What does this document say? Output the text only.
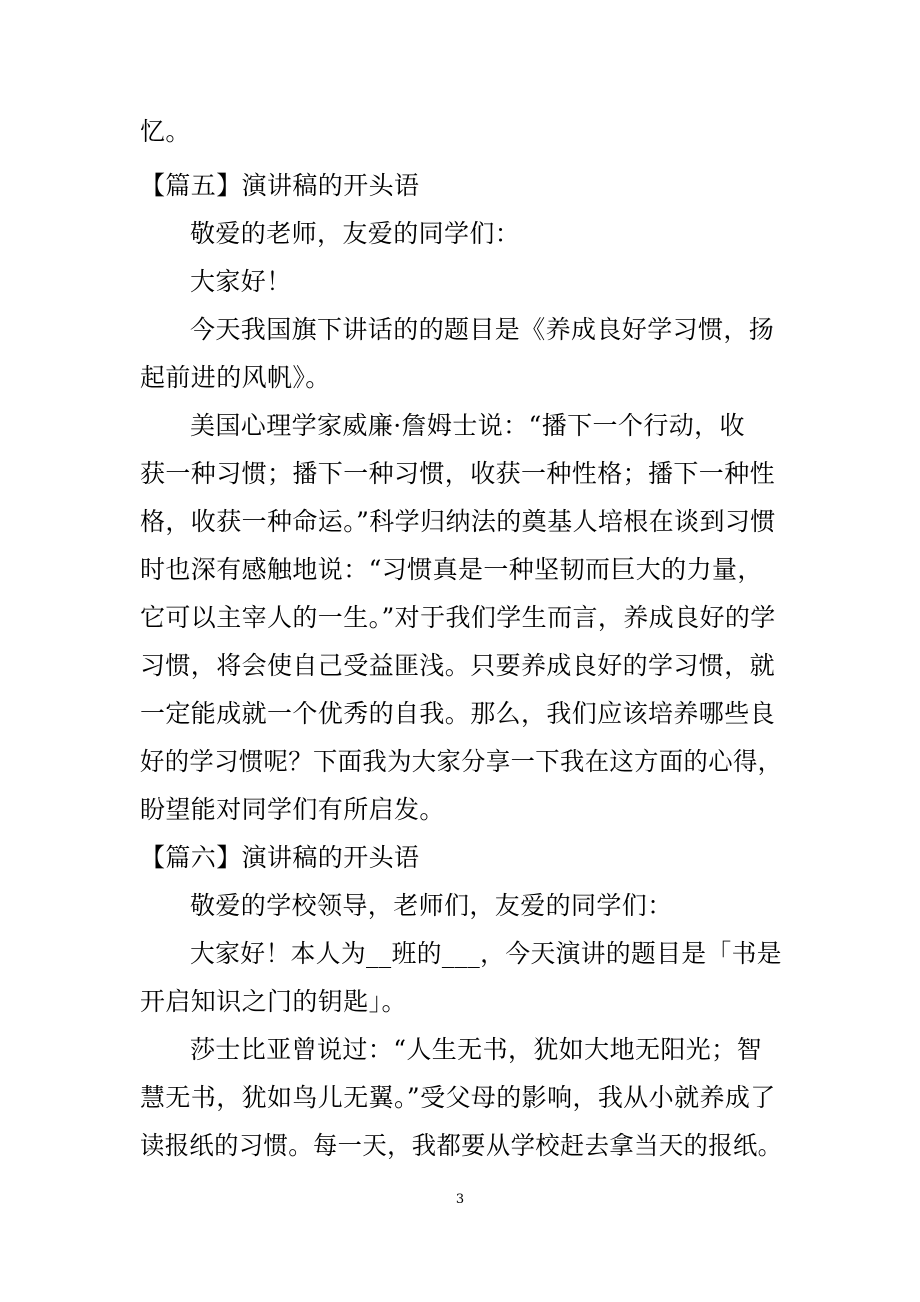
忆。
【篇五】演讲稿的开头语
敬爱的老师，友爱的同学们：
大家好！
今天我国旗下讲话的的题目是《养成良好学习惯，扬
起前进的风帆》。
美国心理学家威廉·詹姆士说：“播下一个行动，收
获一种习惯；播下一种习惯，收获一种性格；播下一种性
格，收获一种命运。”科学归纳法的奠基人培根在谈到习惯
时也深有感触地说：“习惯真是一种坚韧而巨大的力量，
它可以主宰人的一生。”对于我们学生而言，养成良好的学
习惯，将会使自己受益匪浅。只要养成良好的学习惯，就
一定能成就一个优秀的自我。那么，我们应该培养哪些良
好的学习惯呢？下面我为大家分享一下我在这方面的心得，
盼望能对同学们有所启发。
【篇六】演讲稿的开头语
敬爱的学校领导，老师们，友爱的同学们：
大家好！本人为__班的___，今天演讲的题目是「书是
开启知识之门的钥匙」。
莎士比亚曾说过：“人生无书，犹如大地无阳光；智
慧无书，犹如鸟儿无翼。”受父母的影响，我从小就养成了
读报纸的习惯。每一天，我都要从学校赶去拿当天的报纸。
3
